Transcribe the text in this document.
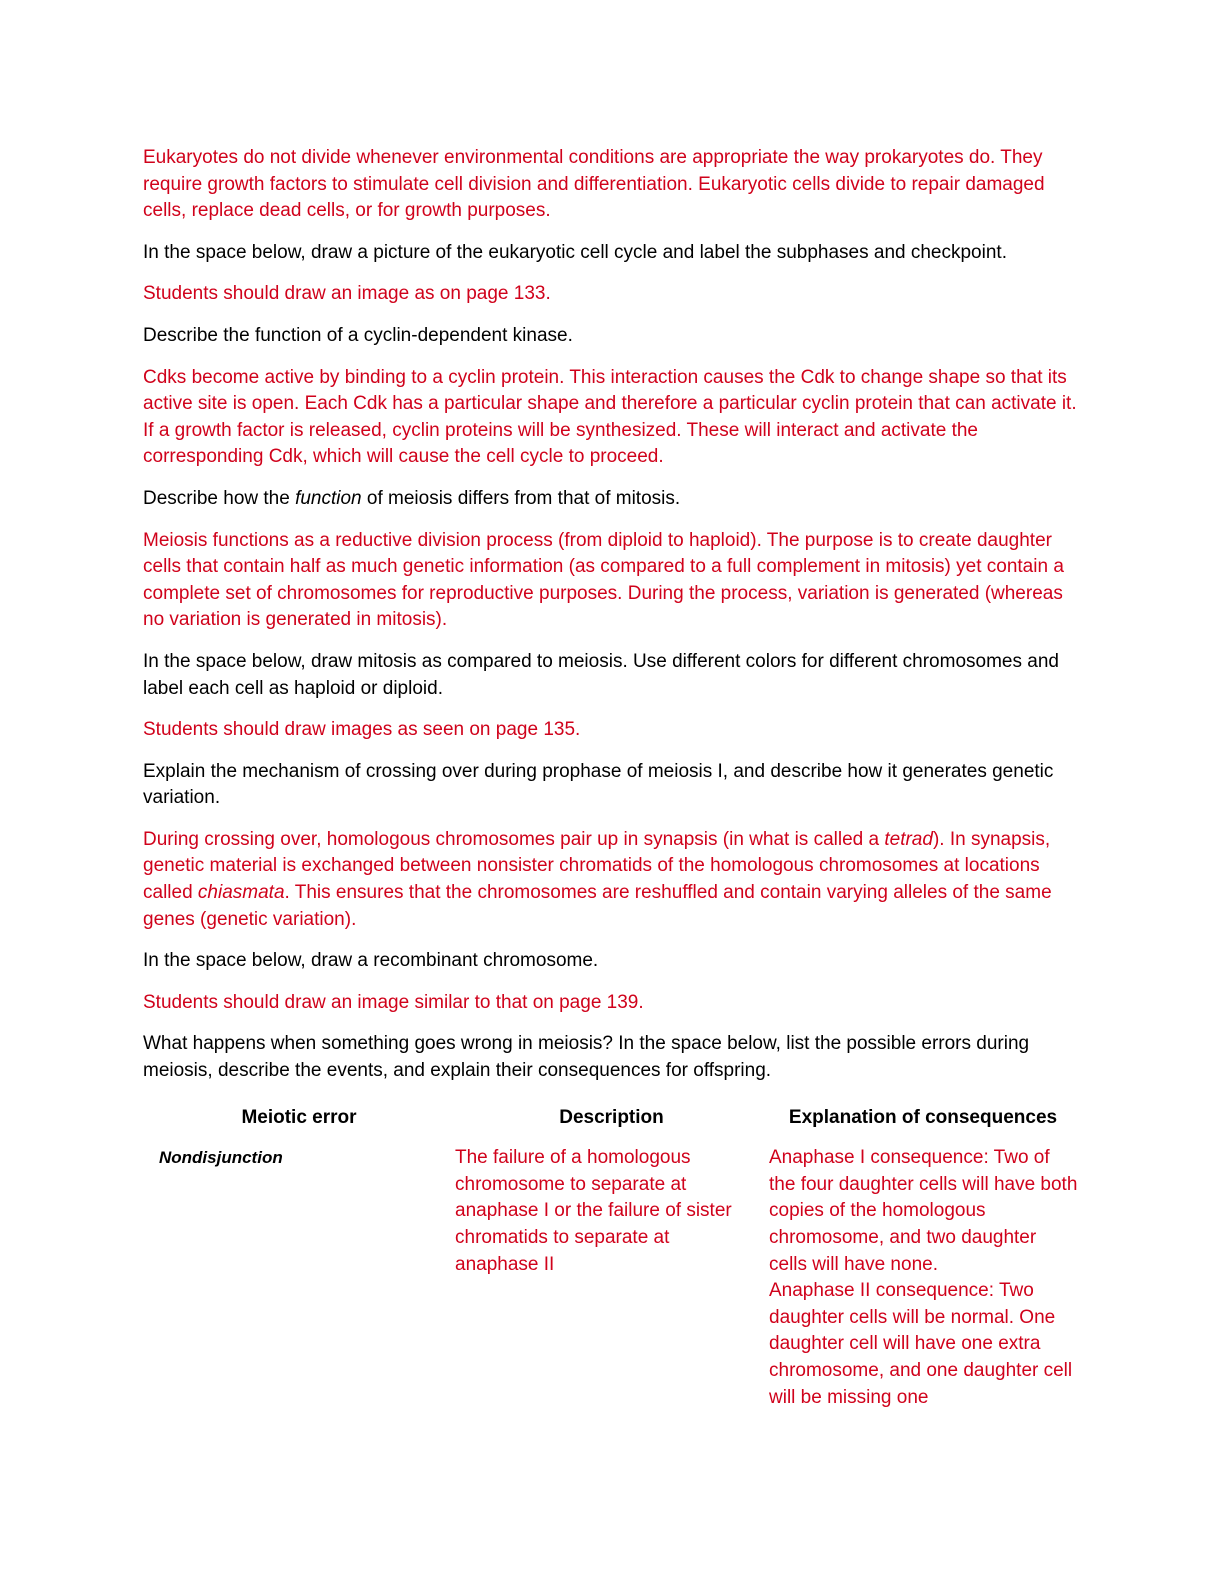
Eukaryotes do not divide whenever environmental conditions are appropriate the way prokaryotes do. They require growth factors to stimulate cell division and differentiation. Eukaryotic cells divide to repair damaged cells, replace dead cells, or for growth purposes.

In the space below, draw a picture of the eukaryotic cell cycle and label the subphases and checkpoint.

Students should draw an image as on page 133.

Describe the function of a cyclin-dependent kinase.

Cdks become active by binding to a cyclin protein. This interaction causes the Cdk to change shape so that its active site is open. Each Cdk has a particular shape and therefore a particular cyclin protein that can activate it. If a growth factor is released, cyclin proteins will be synthesized. These will interact and activate the corresponding Cdk, which will cause the cell cycle to proceed.

Describe how the function of meiosis differs from that of mitosis.

Meiosis functions as a reductive division process (from diploid to haploid). The purpose is to create daughter cells that contain half as much genetic information (as compared to a full complement in mitosis) yet contain a complete set of chromosomes for reproductive purposes. During the process, variation is generated (whereas no variation is generated in mitosis).

In the space below, draw mitosis as compared to meiosis. Use different colors for different chromosomes and label each cell as haploid or diploid.

Students should draw images as seen on page 135.

Explain the mechanism of crossing over during prophase of meiosis I, and describe how it generates genetic variation.

During crossing over, homologous chromosomes pair up in synapsis (in what is called a tetrad). In synapsis, genetic material is exchanged between nonsister chromatids of the homologous chromosomes at locations called chiasmata. This ensures that the chromosomes are reshuffled and contain varying alleles of the same genes (genetic variation).

In the space below, draw a recombinant chromosome.

Students should draw an image similar to that on page 139.

What happens when something goes wrong in meiosis? In the space below, list the possible errors during meiosis, describe the events, and explain their consequences for offspring.

Meiotic error	Description	Explanation of consequences
Nondisjunction	The failure of a homologous chromosome to separate at anaphase I or the failure of sister chromatids to separate at anaphase II	Anaphase I consequence: Two of the four daughter cells will have both copies of the homologous chromosome, and two daughter cells will have none.
Anaphase II consequence: Two daughter cells will be normal. One daughter cell will have one extra chromosome, and one daughter cell will be missing one
